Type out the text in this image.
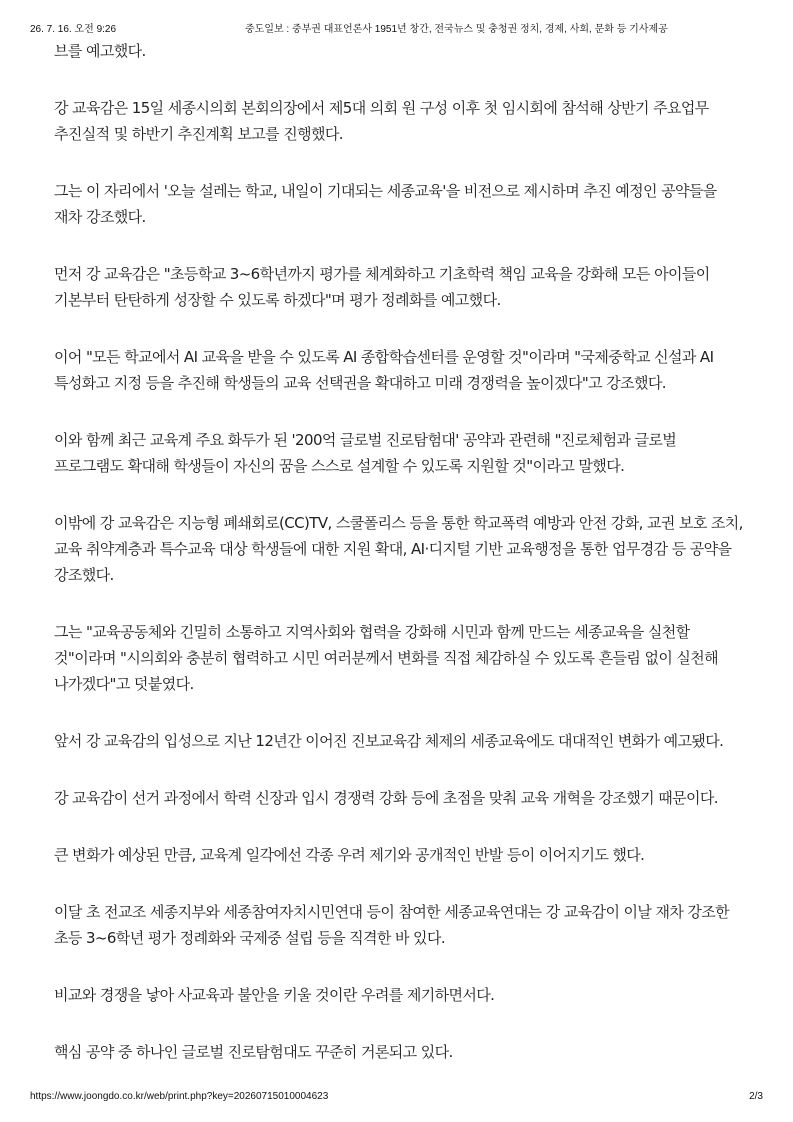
26. 7. 16. 오전 9:26	중도일보 : 중부권 대표언론사 1951년 창간, 전국뉴스 및 충청권 정치, 경제, 사회, 문화 등 기사제공

브를 예고했다.

강 교육감은 15일 세종시의회 본회의장에서 제5대 의회 원 구성 이후 첫 임시회에 참석해 상반기 주요업무 추진실적 및 하반기 추진계획 보고를 진행했다.

그는 이 자리에서 '오늘 설레는 학교, 내일이 기대되는 세종교육'을 비전으로 제시하며 추진 예정인 공약들을 재차 강조했다.

먼저 강 교육감은 "초등학교 3~6학년까지 평가를 체계화하고 기초학력 책임 교육을 강화해 모든 아이들이 기본부터 탄탄하게 성장할 수 있도록 하겠다"며 평가 정례화를 예고했다.

이어 "모든 학교에서 AI 교육을 받을 수 있도록 AI 종합학습센터를 운영할 것"이라며 "국제중학교 신설과 AI 특성화고 지정 등을 추진해 학생들의 교육 선택권을 확대하고 미래 경쟁력을 높이겠다"고 강조했다.

이와 함께 최근 교육계 주요 화두가 된 '200억 글로벌 진로탐험대' 공약과 관련해 "진로체험과 글로벌 프로그램도 확대해 학생들이 자신의 꿈을 스스로 설계할 수 있도록 지원할 것"이라고 말했다.

이밖에 강 교육감은 지능형 폐쇄회로(CC)TV, 스쿨폴리스 등을 통한 학교폭력 예방과 안전 강화, 교권 보호 조치, 교육 취약계층과 특수교육 대상 학생들에 대한 지원 확대, AI·디지털 기반 교육행정을 통한 업무경감 등 공약을 강조했다.

그는 "교육공동체와 긴밀히 소통하고 지역사회와 협력을 강화해 시민과 함께 만드는 세종교육을 실천할 것"이라며 "시의회와 충분히 협력하고 시민 여러분께서 변화를 직접 체감하실 수 있도록 흔들림 없이 실천해 나가겠다"고 덧붙였다.

앞서 강 교육감의 입성으로 지난 12년간 이어진 진보교육감 체제의 세종교육에도 대대적인 변화가 예고됐다.

강 교육감이 선거 과정에서 학력 신장과 입시 경쟁력 강화 등에 초점을 맞춰 교육 개혁을 강조했기 때문이다.

큰 변화가 예상된 만큼, 교육계 일각에선 각종 우려 제기와 공개적인 반발 등이 이어지기도 했다.

이달 초 전교조 세종지부와 세종참여자치시민연대 등이 참여한 세종교육연대는 강 교육감이 이날 재차 강조한 초등 3~6학년 평가 정례화와 국제중 설립 등을 직격한 바 있다.

비교와 경쟁을 낳아 사교육과 불안을 키울 것이란 우려를 제기하면서다.

핵심 공약 중 하나인 글로벌 진로탐험대도 꾸준히 거론되고 있다.

https://www.joongdo.co.kr/web/print.php?key=20260715010004623	2/3
